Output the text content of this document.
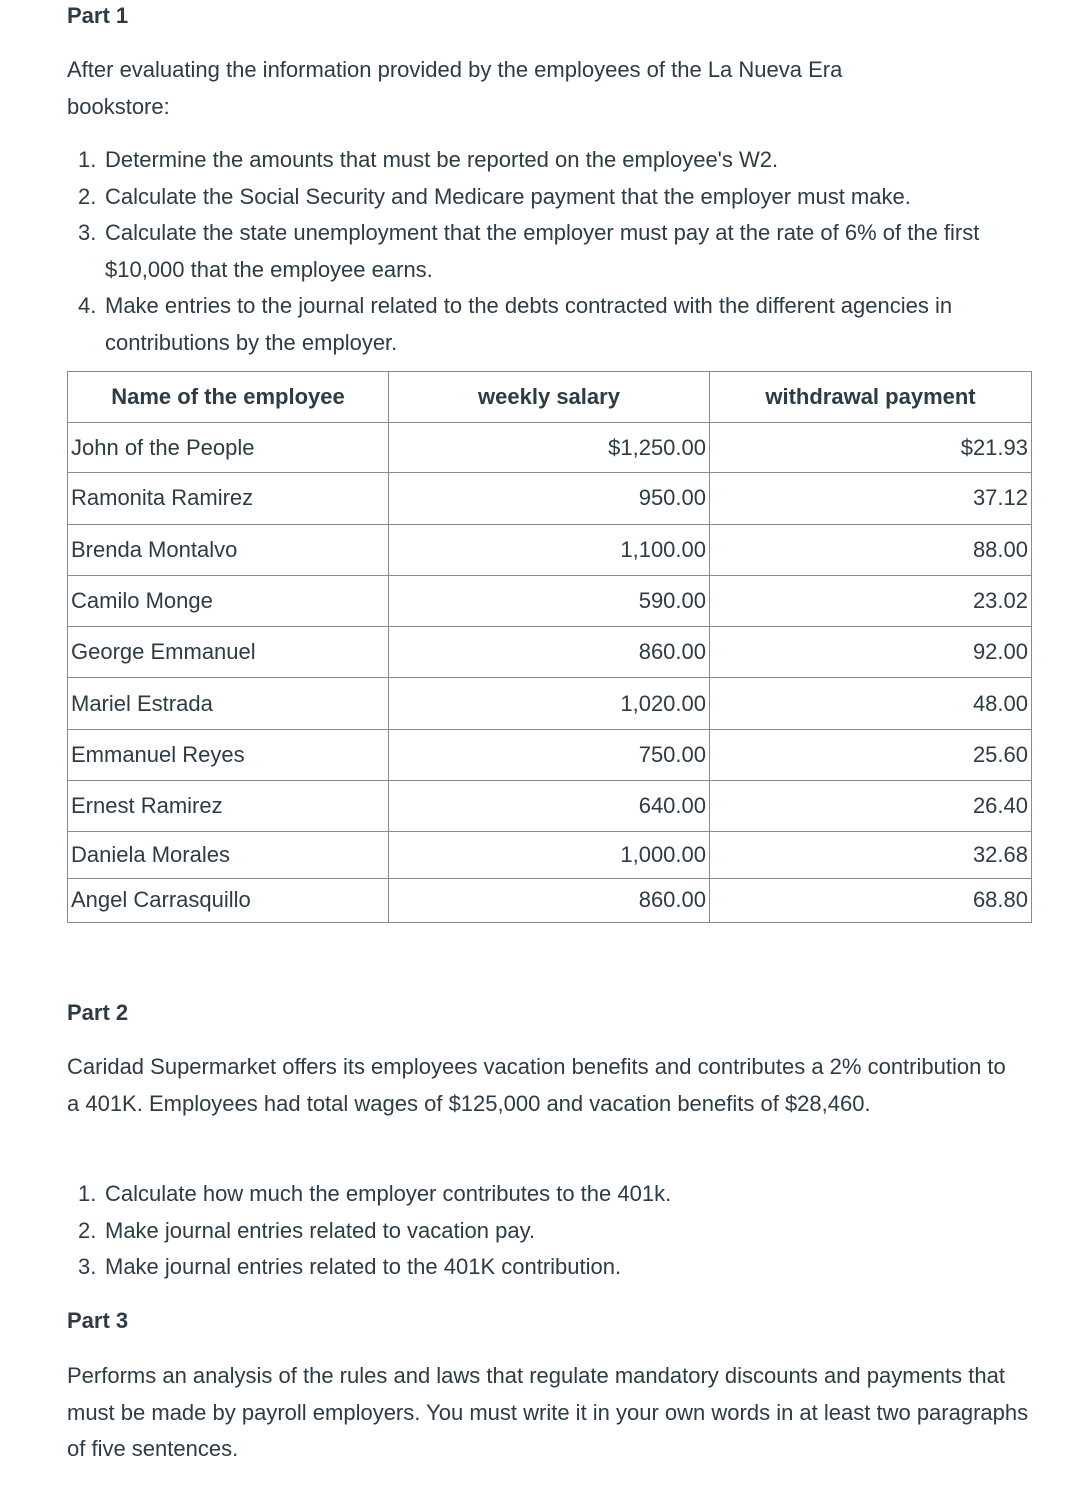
Part 1

After evaluating the information provided by the employees of the La Nueva Era bookstore:

1. Determine the amounts that must be reported on the employee's W2.
2. Calculate the Social Security and Medicare payment that the employer must make.
3. Calculate the state unemployment that the employer must pay at the rate of 6% of the first $10,000 that the employee earns.
4. Make entries to the journal related to the debts contracted with the different agencies in contributions by the employer.
Name of the employee	weekly salary	withdrawal payment
John of the People	$1,250.00	$21.93
Ramonita Ramirez	950.00	37.12
Brenda Montalvo	1,100.00	88.00
Camilo Monge	590.00	23.02
George Emmanuel	860.00	92.00
Mariel Estrada	1,020.00	48.00
Emmanuel Reyes	750.00	25.60
Ernest Ramirez	640.00	26.40
Daniela Morales	1,000.00	32.68
Angel Carrasquillo	860.00	68.80
Part 2

Caridad Supermarket offers its employees vacation benefits and contributes a 2% contribution to a 401K. Employees had total wages of $125,000 and vacation benefits of $28,460.

1. Calculate how much the employer contributes to the 401k.
2. Make journal entries related to vacation pay.
3. Make journal entries related to the 401K contribution.
Part 3

Performs an analysis of the rules and laws that regulate mandatory discounts and payments that must be made by payroll employers. You must write it in your own words in at least two paragraphs of five sentences.
